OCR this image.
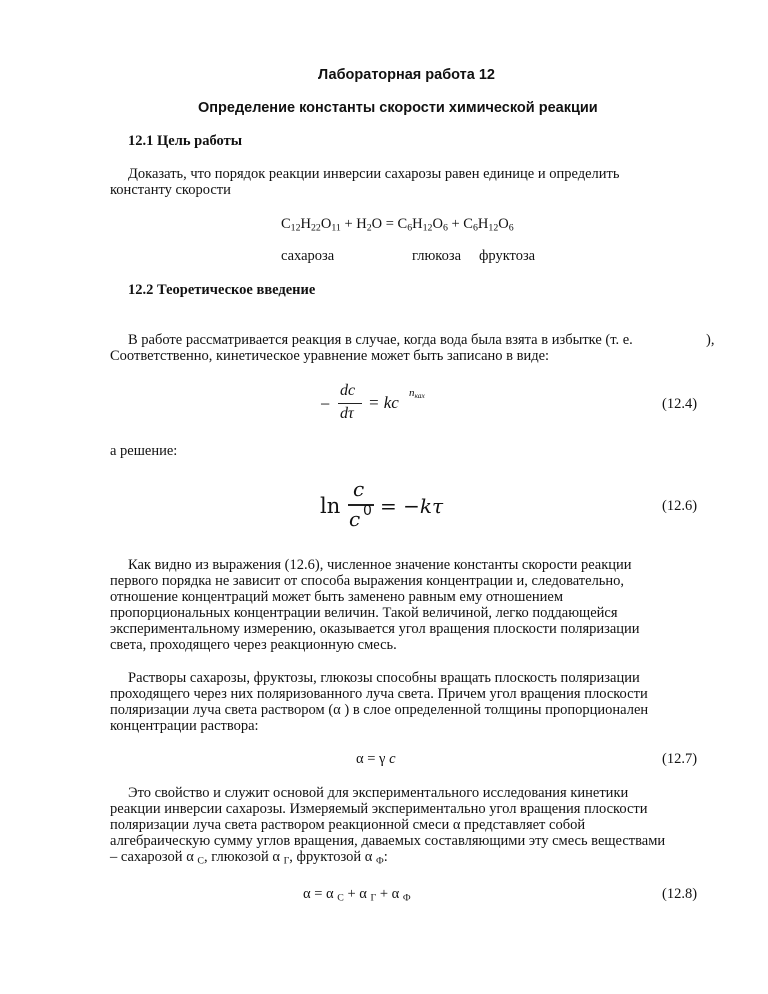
Лабораторная работа 12
Определение константы скорости химической реакции
12.1 Цель работы
Доказать, что порядок реакции инверсии сахарозы равен единице и определить
константу скорости
$C_{12}H_{22}O_{11} + H_2O = C_6H_{12}O_6 + C_6H_{12}O_6$
сахароза	глюкоза фруктоза
12.2 Теоретическое введение
В работе рассматривается реакция в случае, когда вода была взята в избытке (т. е.	),
Соответственно, кинетическое уравнение может быть записано в виде:
−
dc
dτ
= kc $n_{ках}$
(12.4)
а решение:
ln
c
c 0 = −kτ	(12.6)
Как видно из выражения (12.6), численное значение константы скорости реакции
первого порядка не зависит от способа выражения концентрации и, следовательно,
отношение концентраций может быть заменено равным ему отношением
пропорциональных концентрации величин. Такой величиной, легко поддающейся
экспериментальному измерению, оказывается угол вращения плоскости поляризации
света, проходящего через реакционную смесь.
Растворы сахарозы, фруктозы, глюкозы способны вращать плоскость поляризации
проходящего через них поляризованного луча света. Причем угол вращения плоскости
поляризации луча света раствором (α ) в слое определенной толщины пропорционален
концентрации раствора:
α = γ c	(12.7)
Это свойство и служит основой для экспериментального исследования кинетики
реакции инверсии сахарозы. Измеряемый экспериментально угол вращения плоскости
поляризации луча света раствором реакционной смеси α представляет собой
алгебраическую сумму углов вращения, даваемых составляющими эту смесь веществами
– сахарозой α $_С$, глюкозой α $_Г$, фруктозой α $_Ф$:
α = α $_С$ + α $_Г$ + α $_Ф$	(12.8)
